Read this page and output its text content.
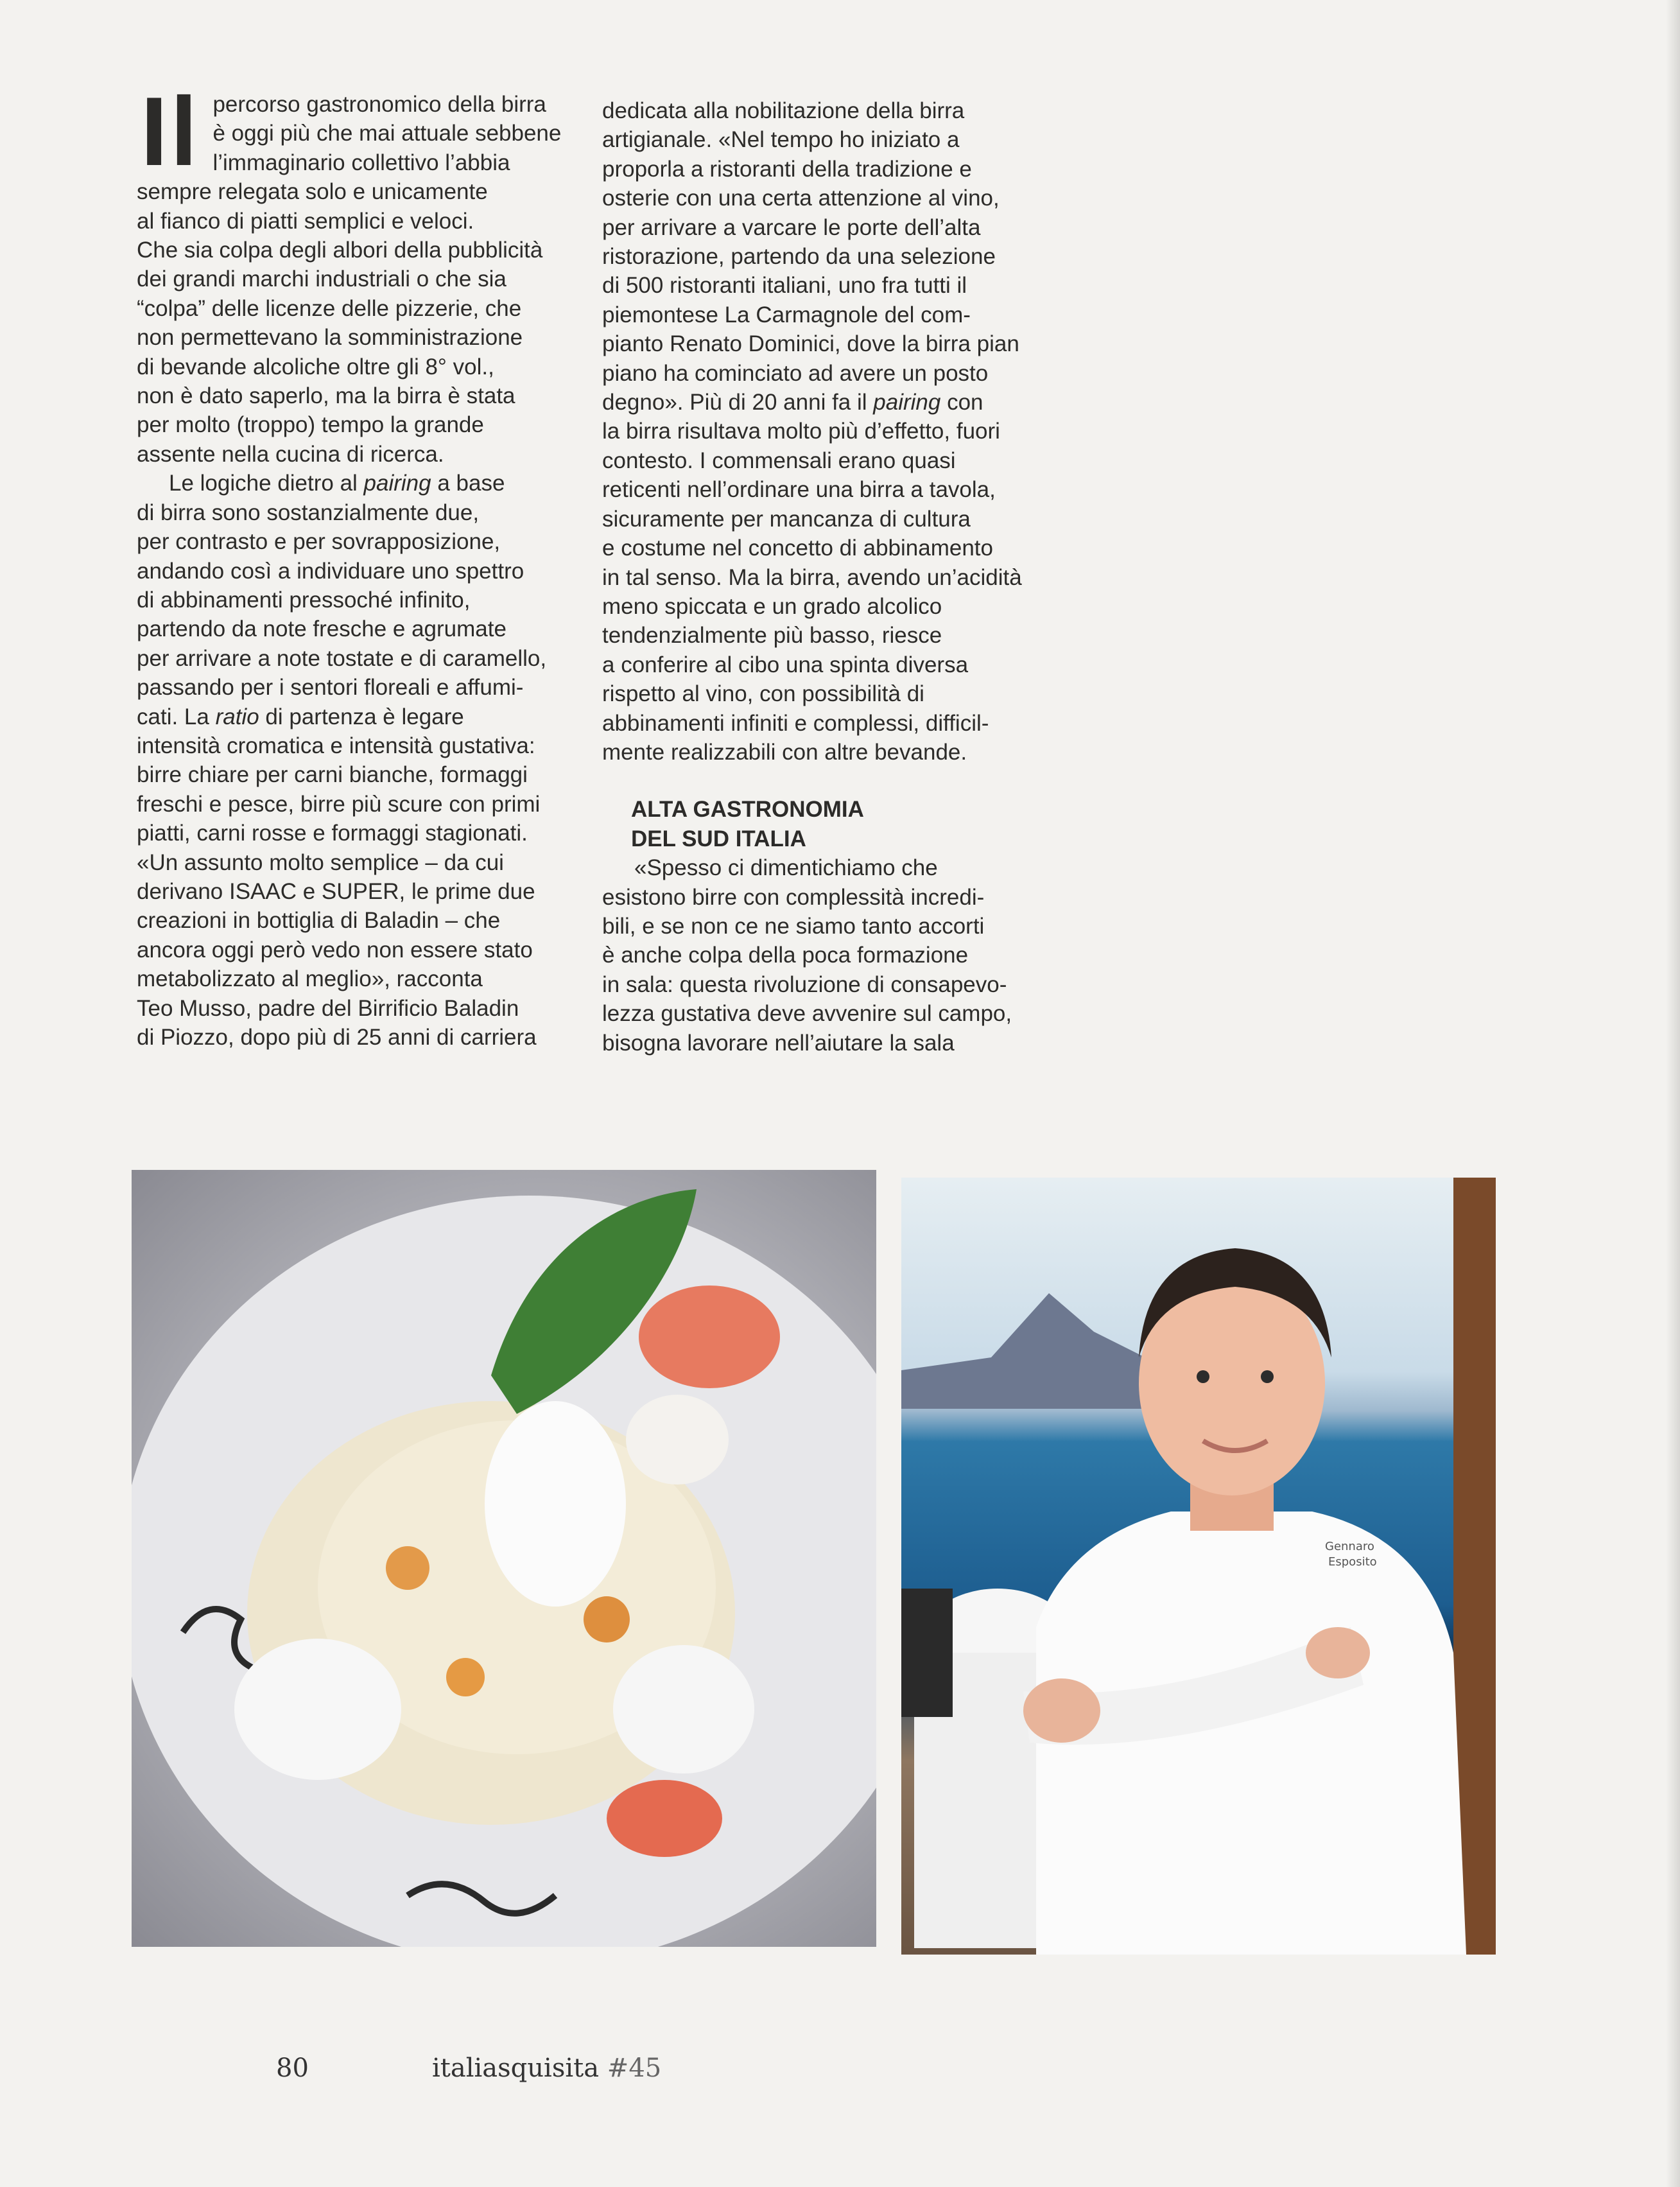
Il percorso gastronomico della birra
è oggi più che mai attuale sebbene
l’immaginario collettivo l’abbia
sempre relegata solo e unicamente
al fianco di piatti semplici e veloci.
Che sia colpa degli albori della pubblicità
dei grandi marchi industriali o che sia
“colpa” delle licenze delle pizzerie, che
non permettevano la somministrazione
di bevande alcoliche oltre gli 8° vol.,
non è dato saperlo, ma la birra è stata
per molto (troppo) tempo la grande
assente nella cucina di ricerca.

Le logiche dietro al pairing a base
di birra sono sostanzialmente due,
per contrasto e per sovrapposizione,
andando così a individuare uno spettro
di abbinamenti pressoché infinito,
partendo da note fresche e agrumate
per arrivare a note tostate e di caramello,
passando per i sentori floreali e affumi-
cati. La ratio di partenza è legare
intensità cromatica e intensità gustativa:
birre chiare per carni bianche, formaggi
freschi e pesce, birre più scure con primi
piatti, carni rosse e formaggi stagionati.
«Un assunto molto semplice – da cui
derivano ISAAC e SUPER, le prime due
creazioni in bottiglia di Baladin – che
ancora oggi però vedo non essere stato
metabolizzato al meglio», racconta
Teo Musso, padre del Birrificio Baladin
di Piozzo, dopo più di 25 anni di carriera

dedicata alla nobilitazione della birra
artigianale. «Nel tempo ho iniziato a
proporla a ristoranti della tradizione e
osterie con una certa attenzione al vino,
per arrivare a varcare le porte dell’alta
ristorazione, partendo da una selezione
di 500 ristoranti italiani, uno fra tutti il
piemontese La Carmagnole del com-
pianto Renato Dominici, dove la birra pian
piano ha cominciato ad avere un posto
degno». Più di 20 anni fa il pairing con
la birra risultava molto più d’effetto, fuori
contesto. I commensali erano quasi
reticenti nell’ordinare una birra a tavola,
sicuramente per mancanza di cultura
e costume nel concetto di abbinamento
in tal senso. Ma la birra, avendo un’acidità
meno spiccata e un grado alcolico
tendenzialmente più basso, riesce
a conferire al cibo una spinta diversa
rispetto al vino, con possibilità di
abbinamenti infiniti e complessi, difficil-
mente realizzabili con altre bevande.

ALTA GASTRONOMIA
DEL SUD ITALIA

«Spesso ci dimentichiamo che
esistono birre con complessità incredi-
bili, e se non ce ne siamo tanto accorti
è anche colpa della poca formazione
in sala: questa rivoluzione di consapevo-
lezza gustativa deve avvenire sul campo,
bisogna lavorare nell’aiutare la sala

Gennaro
Esposito
80	italiasquisita #45
